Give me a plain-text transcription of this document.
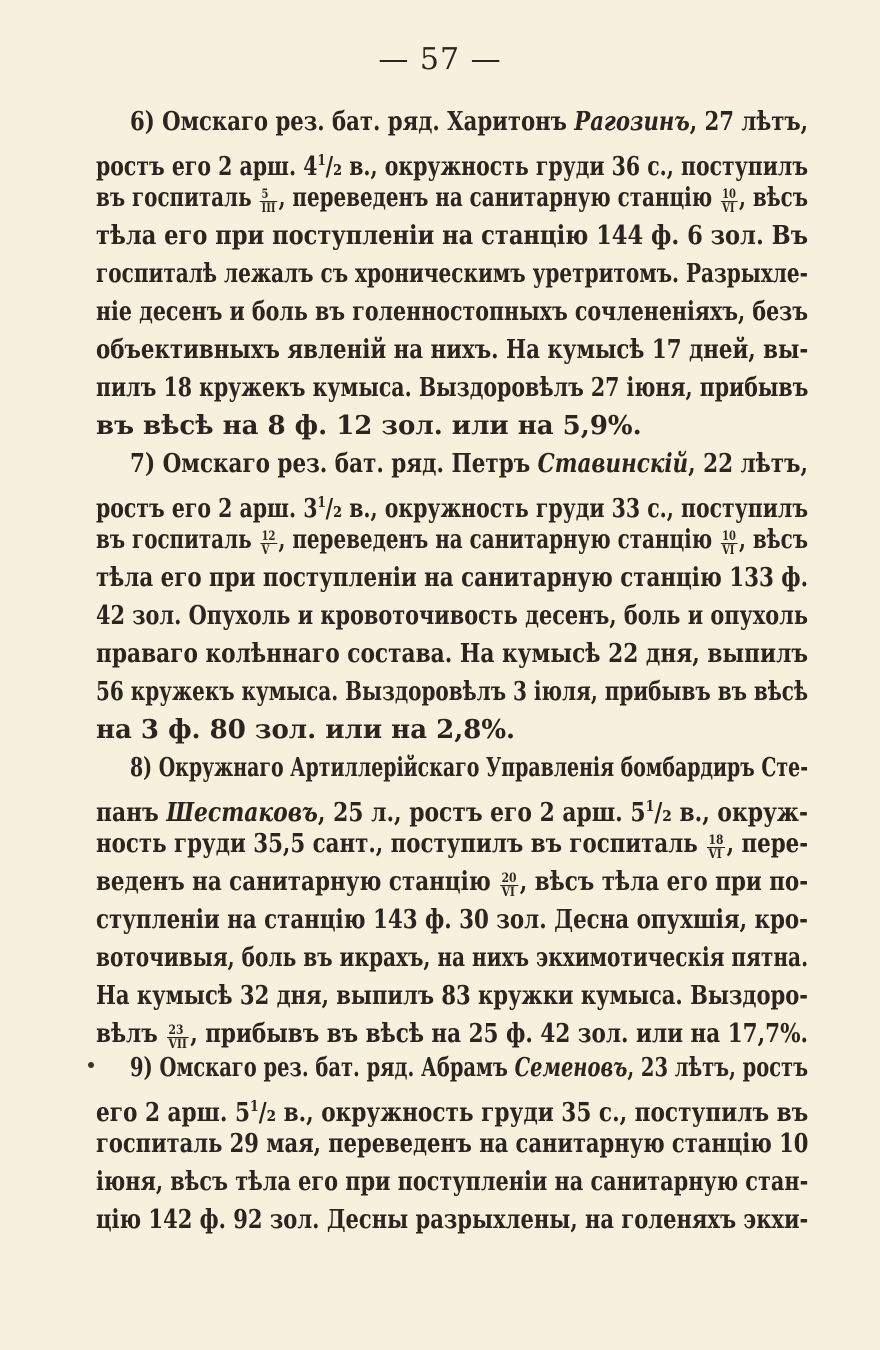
— 57 —
6) Омскаго рез. бат. ряд. Харитонъ Рагозинъ, 27 лѣтъ,
ростъ его 2 арш. $4^1/_2$ в., окружность груди 36 с., поступилъ
въ госпиталь $\frac{5}{\text{III}}$ , переведенъ на санитарную станцію $\frac{10}{VI}$ , вѣсъ
тѣла его при поступленіи на станцію 144 ф. 6 зол. Въ
госпиталѣ лежалъ съ хроническимъ уретритомъ. Разрыхле-
ніе десенъ и боль въ голенностопныхъ сочлененіяхъ, безъ
объективныхъ явленій на нихъ. На кумысѣ 17 дней, вы-
пилъ 18 кружекъ кумыса. Выздоровѣлъ 27 іюня, прибывъ
въ вѣсѣ на 8 ф. 12 зол. или на 5,9%.
7) Омскаго рез. бат. ряд. Петръ Ставинскій, 22 лѣтъ,
ростъ его 2 арш. $3^1/_2$ в., окружность груди 33 с., поступилъ
въ госпиталь $\frac{12}{V}$ , переведенъ на санитарную станцію $\frac{10}{VI}$ , вѣсъ
тѣла его при поступленіи на санитарную станцію 133 ф.
42 зол. Опухоль и кровоточивость десенъ, боль и опухоль
праваго колѣннаго состава. На кумысѣ 22 дня, выпилъ
56 кружекъ кумыса. Выздоровѣлъ 3 іюля, прибывъ въ вѣсѣ
на 3 ф. 80 зол. или на 2,8%.
8) Окружнаго Артиллерійскаго Управленія бомбардиръ Сте-
панъ Шестаковъ, 25 л., ростъ его 2 арш. $5^1/_2$ в., окруж-
ность груди 35,5 сант., поступилъ въ госпиталь $\frac{18}{VI}$ , пере-
веденъ на санитарную станцію $\frac{20}{VI}$ , вѣсъ тѣла его при по-
ступленіи на станцію 143 ф. 30 зол. Десна опухшія, кро-
воточивыя, боль въ икрахъ, на нихъ экхимотическія пятна.
На кумысѣ 32 дня, выпилъ 83 кружки кумыса. Выздоро-
вѣлъ $\frac{23}{\text{VII}}$ , прибывъ въ вѣсѣ на 25 ф. 42 зол. или на 17,7%.
9) Омскаго рез. бат. ряд. Абрамъ Семеновъ, 23 лѣтъ, ростъ
его 2 арш. $5^1/_2$ в., окружность груди 35 с., поступилъ въ
госпиталь 29 мая, переведенъ на санитарную станцію 10
іюня, вѣсъ тѣла его при поступленіи на санитарную стан-
цію 142 ф. 92 зол. Десны разрыхлены, на голеняхъ экхи-
